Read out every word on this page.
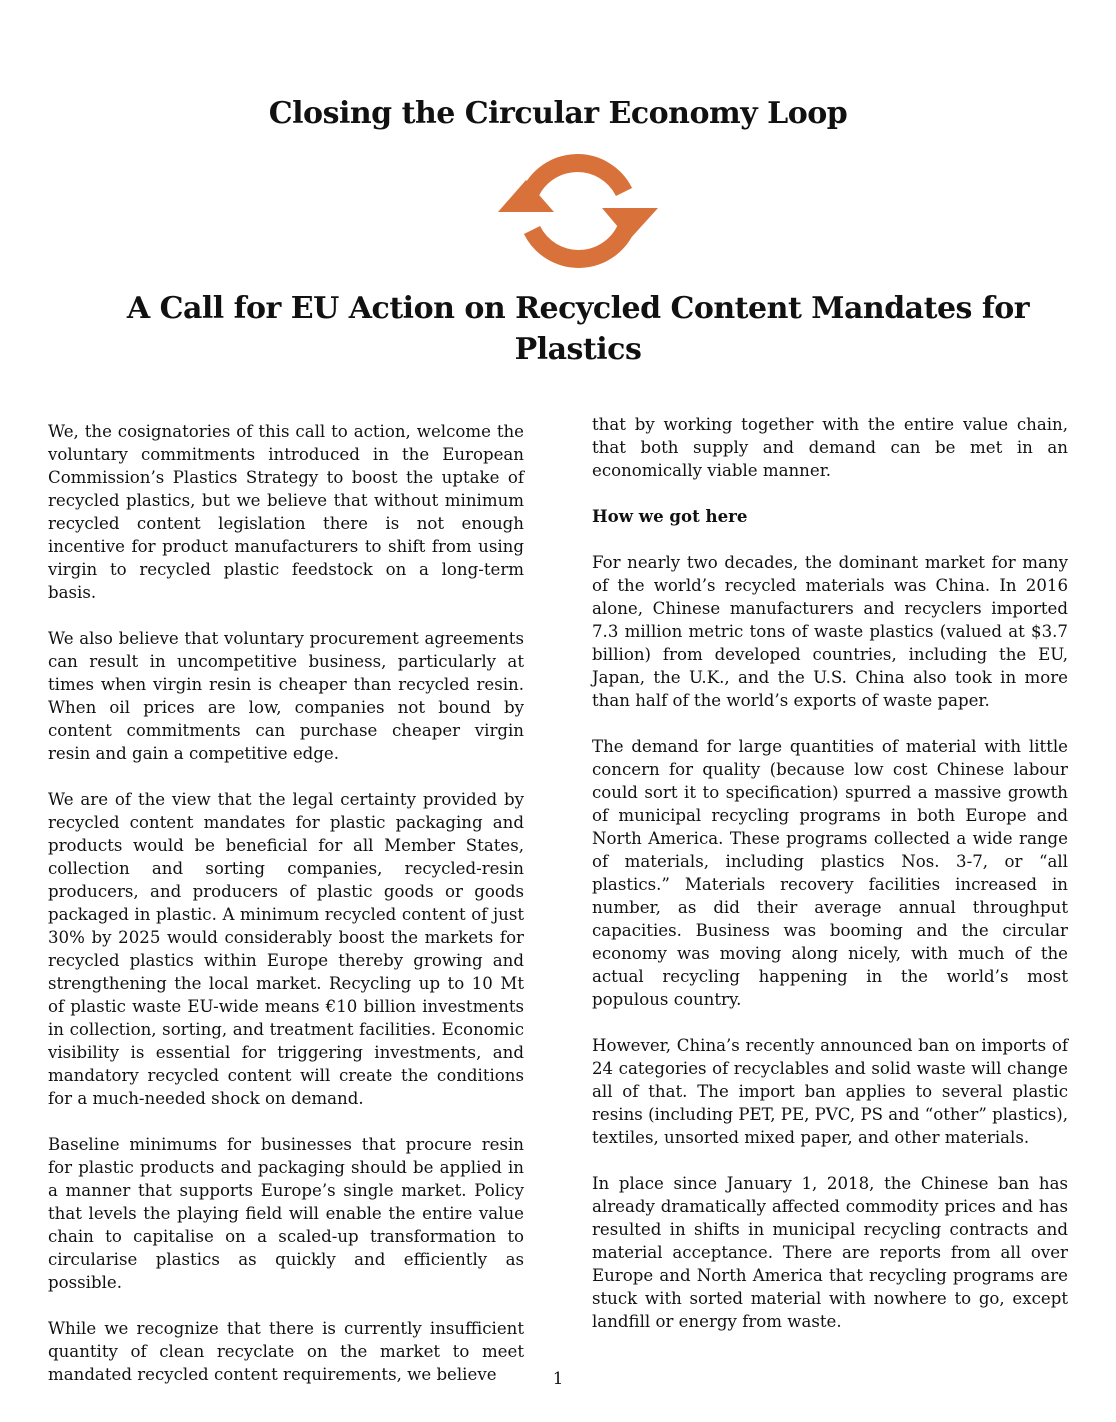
Closing the Circular Economy Loop
A Call for EU Action on Recycled Content Mandates for Plastics

We, the cosignatories of this call to action, welcome the voluntary commitments introduced in the European Commission’s Plastics Strategy to boost the uptake of recycled plastics, but we believe that without minimum recycled content legislation there is not enough incentive for product manufacturers to shift from using virgin to recycled plastic feedstock on a long-term basis.

We also believe that voluntary procurement agreements can result in uncompetitive business, particularly at times when virgin resin is cheaper than recycled resin. When oil prices are low, companies not bound by content commitments can purchase cheaper virgin resin and gain a competitive edge.

We are of the view that the legal certainty provided by recycled content mandates for plastic packaging and products would be beneficial for all Member States, collection and sorting companies, recycled-resin producers, and producers of plastic goods or goods packaged in plastic. A minimum recycled content of just 30% by 2025 would considerably boost the markets for recycled plastics within Europe thereby growing and strengthening the local market. Recycling up to 10 Mt of plastic waste EU-wide means €10 billion investments in collection, sorting, and treatment facilities. Economic visibility is essential for triggering investments, and mandatory recycled content will create the conditions for a much-needed shock on demand.

Baseline minimums for businesses that procure resin for plastic products and packaging should be applied in a manner that supports Europe’s single market. Policy that levels the playing field will enable the entire value chain to capitalise on a scaled-up transformation to circularise plastics as quickly and efficiently as possible.

While we recognize that there is currently insufficient quantity of clean recyclate on the market to meet mandated recycled content requirements, we believe

that by working together with the entire value chain, that both supply and demand can be met in an economically viable manner.

How we got here

For nearly two decades, the dominant market for many of the world’s recycled materials was China. In 2016 alone, Chinese manufacturers and recyclers imported 7.3 million metric tons of waste plastics (valued at $3.7 billion) from developed countries, including the EU, Japan, the U.K., and the U.S. China also took in more than half of the world’s exports of waste paper.

The demand for large quantities of material with little concern for quality (because low cost Chinese labour could sort it to specification) spurred a massive growth of municipal recycling programs in both Europe and North America. These programs collected a wide range of materials, including plastics Nos. 3-7, or “all plastics.” Materials recovery facilities increased in number, as did their average annual throughput capacities. Business was booming and the circular economy was moving along nicely, with much of the actual recycling happening in the world’s most populous country.

However, China’s recently announced ban on imports of 24 categories of recyclables and solid waste will change all of that. The import ban applies to several plastic resins (including PET, PE, PVC, PS and “other” plastics), textiles, unsorted mixed paper, and other materials.

In place since January 1, 2018, the Chinese ban has already dramatically affected commodity prices and has resulted in shifts in municipal recycling contracts and material acceptance. There are reports from all over Europe and North America that recycling programs are stuck with sorted material with nowhere to go, except landfill or energy from waste.

1
